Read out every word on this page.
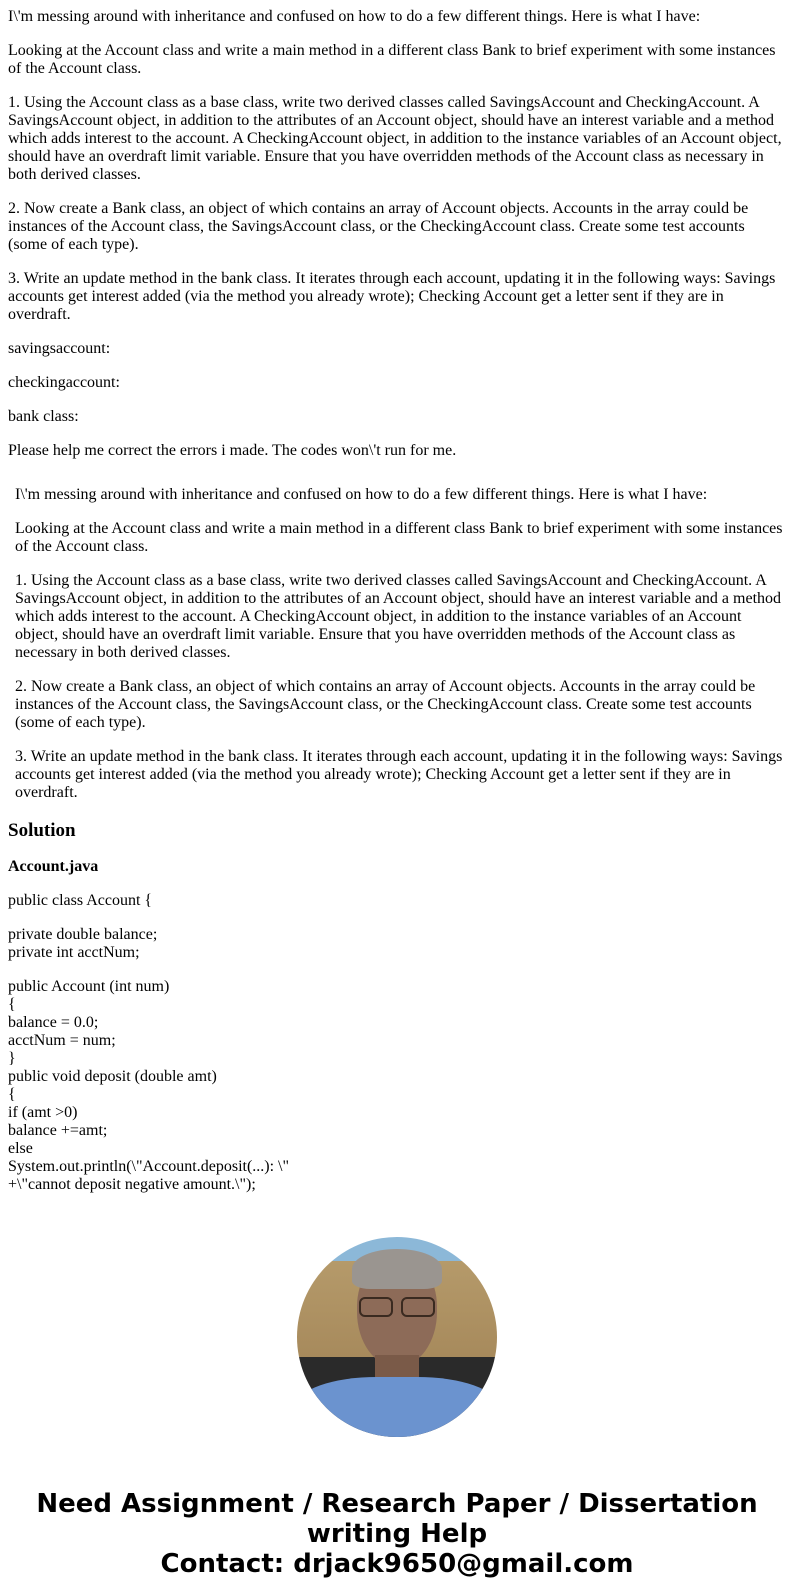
I\'m messing around with inheritance and confused on how to do a few different things. Here is what I have:

Looking at the Account class and write a main method in a different class Bank to brief experiment with some instances of the Account class.

1. Using the Account class as a base class, write two derived classes called SavingsAccount and CheckingAccount. A SavingsAccount object, in addition to the attributes of an Account object, should have an interest variable and a method which adds interest to the account. A CheckingAccount object, in addition to the instance variables of an Account object, should have an overdraft limit variable. Ensure that you have overridden methods of the Account class as necessary in both derived classes.

2. Now create a Bank class, an object of which contains an array of Account objects. Accounts in the array could be instances of the Account class, the SavingsAccount class, or the CheckingAccount class. Create some test accounts (some of each type).

3. Write an update method in the bank class. It iterates through each account, updating it in the following ways: Savings accounts get interest added (via the method you already wrote); Checking Account get a letter sent if they are in overdraft.

savingsaccount:

checkingaccount:

bank class:

Please help me correct the errors i made. The codes won\'t run for me.

I\'m messing around with inheritance and confused on how to do a few different things. Here is what I have:

Looking at the Account class and write a main method in a different class Bank to brief experiment with some instances of the Account class.

1. Using the Account class as a base class, write two derived classes called SavingsAccount and CheckingAccount. A SavingsAccount object, in addition to the attributes of an Account object, should have an interest variable and a method which adds interest to the account. A CheckingAccount object, in addition to the instance variables of an Account object, should have an overdraft limit variable. Ensure that you have overridden methods of the Account class as necessary in both derived classes.

2. Now create a Bank class, an object of which contains an array of Account objects. Accounts in the array could be instances of the Account class, the SavingsAccount class, or the CheckingAccount class. Create some test accounts (some of each type).

3. Write an update method in the bank class. It iterates through each account, updating it in the following ways: Savings accounts get interest added (via the method you already wrote); Checking Account get a letter sent if they are in overdraft.

Solution

Account.java

public class Account {

private double balance;
private int acctNum;

public Account (int num)
{
balance = 0.0;
acctNum = num;
}
public void deposit (double amt)
{
if (amt >0)
balance +=amt;
else
System.out.println(\"Account.deposit(...): \"
+\"cannot deposit negative amount.\");

Need Assignment / Research Paper / Dissertation writing Help
Contact: drjack9650@gmail.com
